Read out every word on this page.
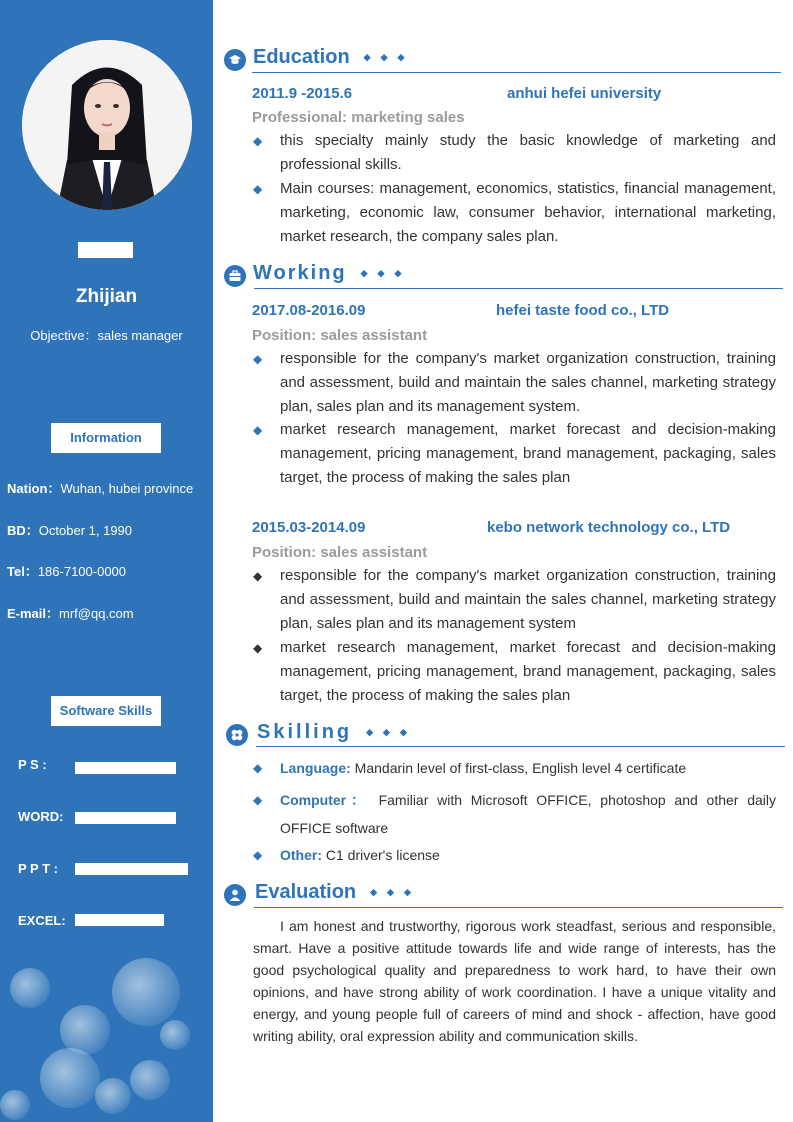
Zhijian
Objective：sales manager
Information
Nation：Wuhan, hubei province
BD：October 1, 1990
Tel：186-7100-0000
E-mail：mrf@qq.com
Software Skills
P S :
WORD:
P P T :
EXCEL:
Education ◆◆◆
2011.9 -2015.6	anhui hefei university
Professional: marketing sales
◆ this specialty mainly study the basic knowledge of marketing and professional skills.
◆ Main courses: management, economics, statistics, financial management, marketing, economic law, consumer behavior, international marketing, market research, the company sales plan.
Working ◆◆◆
2017.08-2016.09	hefei taste food co., LTD
Position: sales assistant
◆ responsible for the company's market organization construction, training and assessment, build and maintain the sales channel, marketing strategy plan, sales plan and its management system.
◆ market research management, market forecast and decision-making management, pricing management, brand management, packaging, sales target, the process of making the sales plan
2015.03-2014.09	kebo network technology co., LTD
Position: sales assistant
◆ responsible for the company's market organization construction, training and assessment, build and maintain the sales channel, marketing strategy plan, sales plan and its management system
◆ market research management, market forecast and decision-making management, pricing management, brand management, packaging, sales target, the process of making the sales plan
Skilling ◆◆◆
◆ Language: Mandarin level of first-class, English level 4 certificate
◆ Computer： Familiar with Microsoft OFFICE, photoshop and other daily OFFICE software
◆ Other: C1 driver's license
Evaluation ◆◆◆
I am honest and trustworthy, rigorous work steadfast, serious and responsible, smart. Have a positive attitude towards life and wide range of interests, has the good psychological quality and preparedness to work hard, to have their own opinions, and have strong ability of work coordination. I have a unique vitality and energy, and young people full of careers of mind and shock - affection, have good writing ability, oral expression ability and communication skills.
